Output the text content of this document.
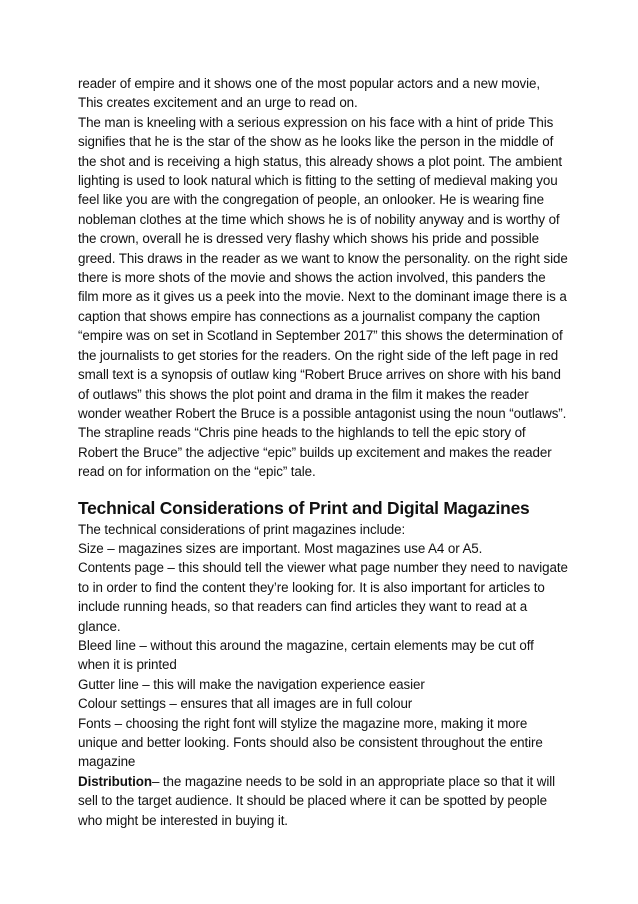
reader of empire and it shows one of the most popular actors and a new movie, This creates excitement and an urge to read on.

The man is kneeling with a serious expression on his face with a hint of pride This signifies that he is the star of the show as he looks like the person in the middle of the shot and is receiving a high status, this already shows a plot point. The ambient lighting is used to look natural which is fitting to the setting of medieval making you feel like you are with the congregation of people, an onlooker. He is wearing fine nobleman clothes at the time which shows he is of nobility anyway and is worthy of the crown, overall he is dressed very flashy which shows his pride and possible greed. This draws in the reader as we want to know the personality. on the right side there is more shots of the movie and shows the action involved, this panders the film more as it gives us a peek into the movie. Next to the dominant image there is a caption that shows empire has connections as a journalist company the caption “empire was on set in Scotland in September 2017” this shows the determination of the journalists to get stories for the readers. On the right side of the left page in red small text is a synopsis of outlaw king “Robert Bruce arrives on shore with his band of outlaws” this shows the plot point and drama in the film it makes the reader wonder weather Robert the Bruce is a possible antagonist using the noun “outlaws”. The strapline reads “Chris pine heads to the highlands to tell the epic story of Robert the Bruce” the adjective “epic” builds up excitement and makes the reader read on for information on the “epic” tale.

Technical Considerations of Print and Digital Magazines
The technical considerations of print magazines include:
Size – magazines sizes are important. Most magazines use A4 or A5.
Contents page – this should tell the viewer what page number they need to navigate to in order to find the content they’re looking for. It is also important for articles to include running heads, so that readers can find articles they want to read at a glance.
Bleed line – without this around the magazine, certain elements may be cut off when it is printed
Gutter line – this will make the navigation experience easier
Colour settings – ensures that all images are in full colour
Fonts – choosing the right font will stylize the magazine more, making it more unique and better looking. Fonts should also be consistent throughout the entire magazine
Distribution– the magazine needs to be sold in an appropriate place so that it will sell to the target audience. It should be placed where it can be spotted by people who might be interested in buying it.
